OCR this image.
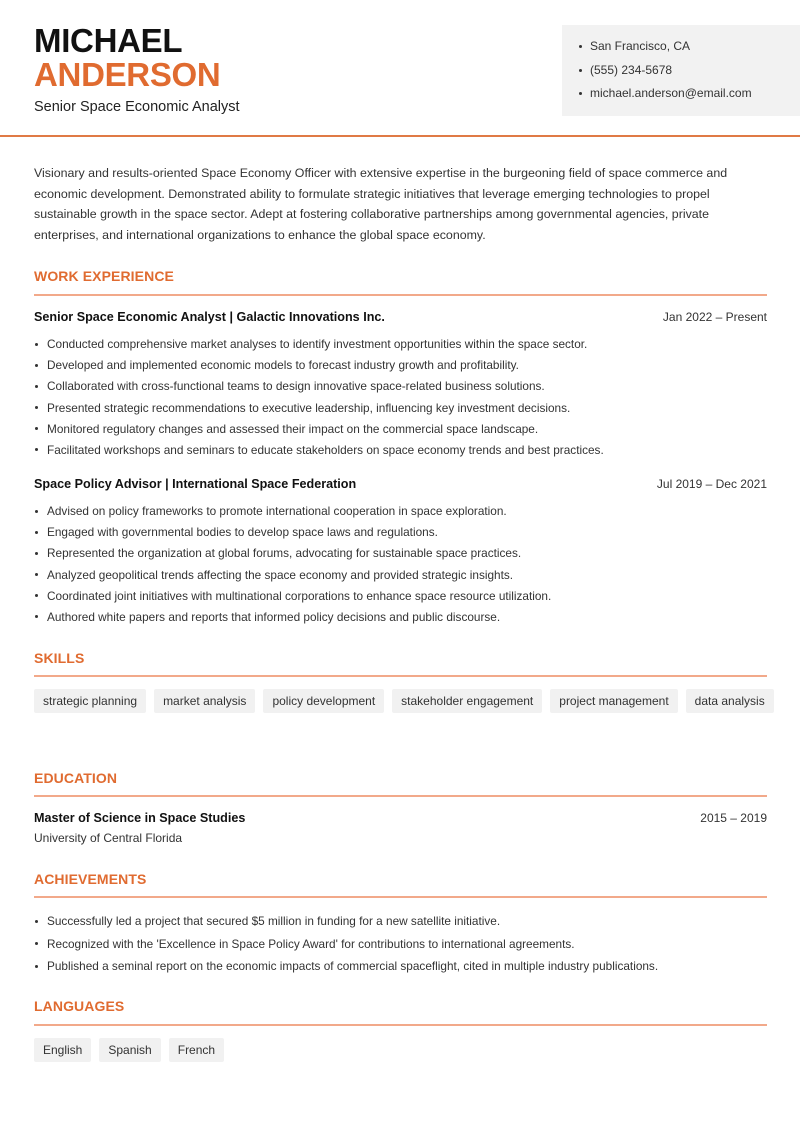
MICHAEL
ANDERSON
Senior Space Economic Analyst
San Francisco, CA
(555) 234-5678
michael.anderson@email.com

Visionary and results-oriented Space Economy Officer with extensive expertise in the burgeoning field of space commerce and economic development. Demonstrated ability to formulate strategic initiatives that leverage emerging technologies to propel sustainable growth in the space sector. Adept at fostering collaborative partnerships among governmental agencies, private enterprises, and international organizations to enhance the global space economy.

WORK EXPERIENCE
Senior Space Economic Analyst | Galactic Innovations Inc.	Jan 2022 – Present
Conducted comprehensive market analyses to identify investment opportunities within the space sector.
Developed and implemented economic models to forecast industry growth and profitability.
Collaborated with cross-functional teams to design innovative space-related business solutions.
Presented strategic recommendations to executive leadership, influencing key investment decisions.
Monitored regulatory changes and assessed their impact on the commercial space landscape.
Facilitated workshops and seminars to educate stakeholders on space economy trends and best practices.
Space Policy Advisor | International Space Federation	Jul 2019 – Dec 2021
Advised on policy frameworks to promote international cooperation in space exploration.
Engaged with governmental bodies to develop space laws and regulations.
Represented the organization at global forums, advocating for sustainable space practices.
Analyzed geopolitical trends affecting the space economy and provided strategic insights.
Coordinated joint initiatives with multinational corporations to enhance space resource utilization.
Authored white papers and reports that informed policy decisions and public discourse.
SKILLS
strategic planning	market analysis	policy development	stakeholder engagement	project management	data analysis
EDUCATION
Master of Science in Space Studies	2015 – 2019
University of Central Florida
ACHIEVEMENTS
Successfully led a project that secured $5 million in funding for a new satellite initiative.
Recognized with the 'Excellence in Space Policy Award' for contributions to international agreements.
Published a seminal report on the economic impacts of commercial spaceflight, cited in multiple industry publications.
LANGUAGES
English	Spanish	French
